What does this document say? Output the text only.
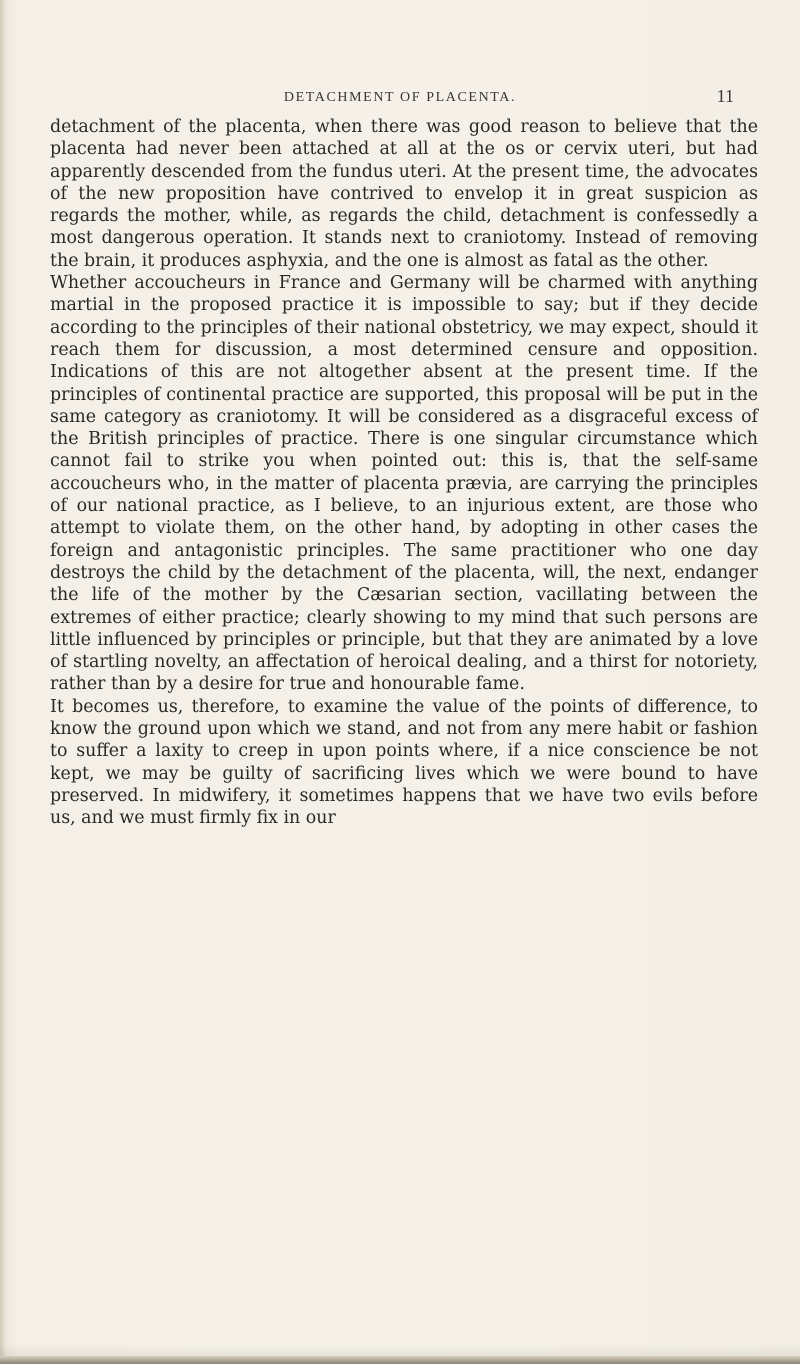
DETACHMENT OF PLACENTA.	11

detachment of the placenta, when there was good reason to believe that the placenta had never been attached at all at the os or cervix uteri, but had apparently descended from the fundus uteri. At the present time, the advocates of the new proposition have contrived to envelop it in great suspicion as regards the mother, while, as regards the child, detachment is confessedly a most dangerous operation. It stands next to craniotomy. Instead of removing the brain, it produces asphyxia, and the one is almost as fatal as the other.

Whether accoucheurs in France and Germany will be charmed with anything martial in the proposed practice it is impossible to say; but if they decide according to the principles of their national obstetricy, we may expect, should it reach them for discussion, a most determined censure and opposition. Indications of this are not altogether absent at the present time. If the principles of continental practice are supported, this proposal will be put in the same category as craniotomy. It will be considered as a disgraceful excess of the British principles of practice. There is one singular circumstance which cannot fail to strike you when pointed out: this is, that the self-same accoucheurs who, in the matter of placenta prævia, are carrying the principles of our national practice, as I believe, to an injurious extent, are those who attempt to violate them, on the other hand, by adopting in other cases the foreign and antagonistic principles. The same practitioner who one day destroys the child by the detachment of the placenta, will, the next, endanger the life of the mother by the Cæsarian section, vacillating between the extremes of either practice; clearly showing to my mind that such persons are little influenced by principles or principle, but that they are animated by a love of startling novelty, an affectation of heroical dealing, and a thirst for notoriety, rather than by a desire for true and honourable fame.

It becomes us, therefore, to examine the value of the points of difference, to know the ground upon which we stand, and not from any mere habit or fashion to suffer a laxity to creep in upon points where, if a nice conscience be not kept, we may be guilty of sacrificing lives which we were bound to have preserved. In midwifery, it sometimes happens that we have two evils before us, and we must firmly fix in our
